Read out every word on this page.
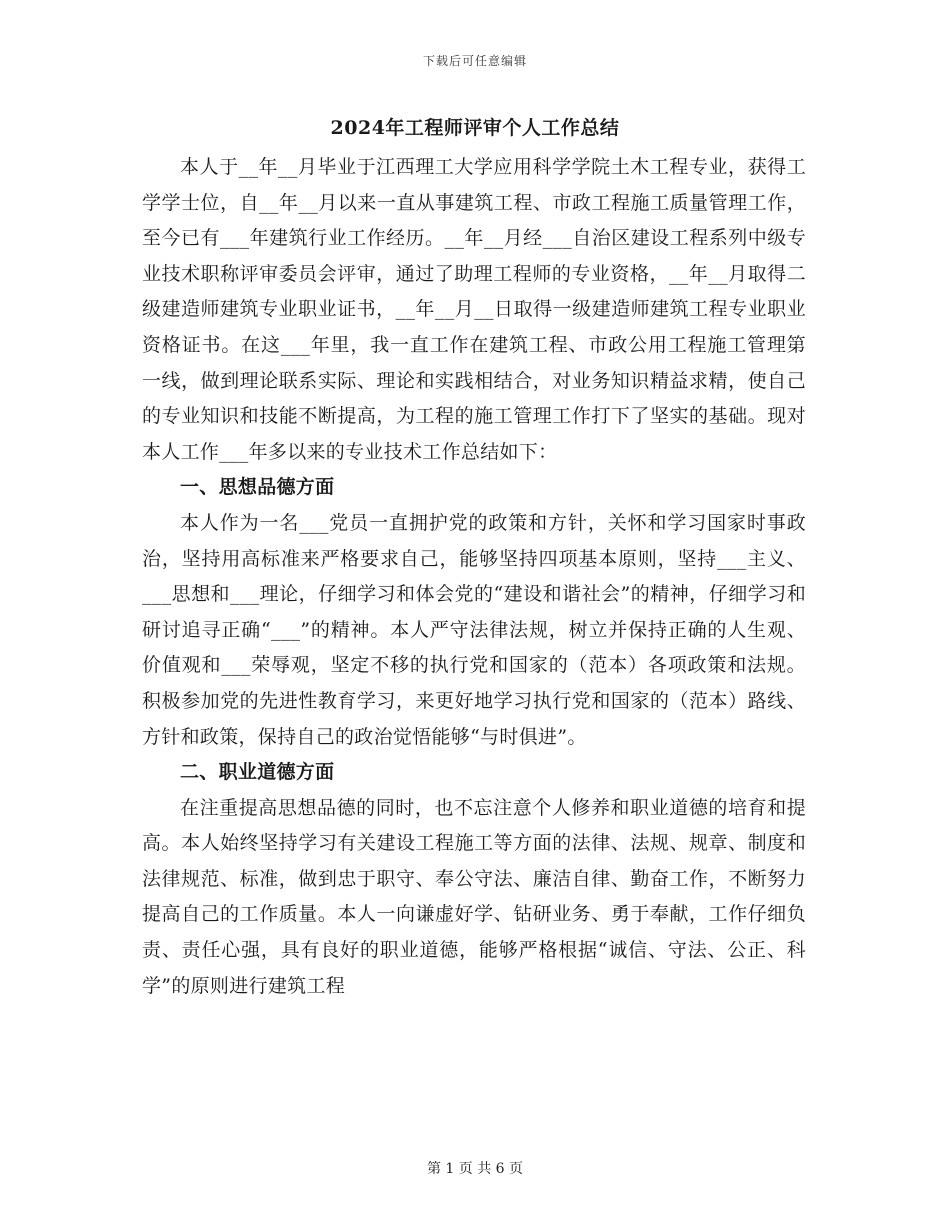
下载后可任意编辑
2024年工程师评审个人工作总结

本人于__年__月毕业于江西理工大学应用科学学院土木工程专业，获得工学学士位，自__年__月以来一直从事建筑工程、市政工程施工质量管理工作，至今已有___年建筑行业工作经历。__年__月经___自治区建设工程系列中级专业技术职称评审委员会评审，通过了助理工程师的专业资格，__年__月取得二级建造师建筑专业职业证书，__年__月__日取得一级建造师建筑工程专业职业资格证书。在这___年里，我一直工作在建筑工程、市政公用工程施工管理第一线，做到理论联系实际、理论和实践相结合，对业务知识精益求精，使自己的专业知识和技能不断提高，为工程的施工管理工作打下了坚实的基础。现对本人工作___年多以来的专业技术工作总结如下：

一、思想品德方面

本人作为一名___党员一直拥护党的政策和方针，关怀和学习国家时事政治，坚持用高标准来严格要求自己，能够坚持四项基本原则，坚持___主义、___思想和___理论，仔细学习和体会党的“建设和谐社会”的精神，仔细学习和研讨追寻正确“___”的精神。本人严守法律法规，树立并保持正确的人生观、价值观和___荣辱观，坚定不移的执行党和国家的（范本）各项政策和法规。积极参加党的先进性教育学习，来更好地学习执行党和国家的（范本）路线、方针和政策，保持自己的政治觉悟能够“与时俱进”。

二、职业道德方面

在注重提高思想品德的同时，也不忘注意个人修养和职业道德的培育和提高。本人始终坚持学习有关建设工程施工等方面的法律、法规、规章、制度和法律规范、标准，做到忠于职守、奉公守法、廉洁自律、勤奋工作，不断努力提高自己的工作质量。本人一向谦虚好学、钻研业务、勇于奉献，工作仔细负责、责任心强，具有良好的职业道德，能够严格根据“诚信、守法、公正、科学”的原则进行建筑工程

第 1 页 共 6 页
